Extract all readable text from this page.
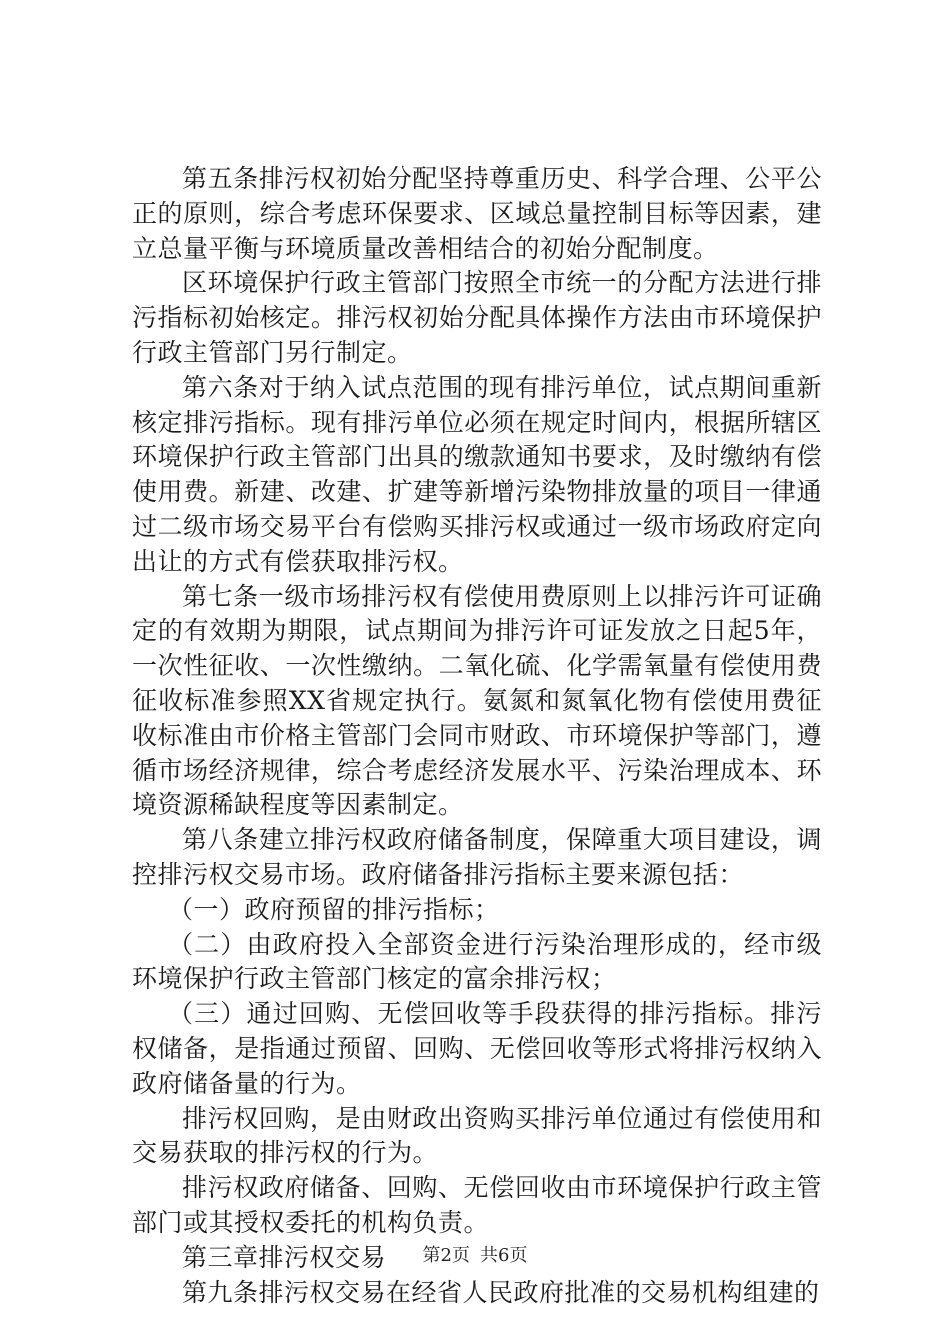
第五条排污权初始分配坚持尊重历史、科学合理、公平公正的原则，综合考虑环保要求、区域总量控制目标等因素，建立总量平衡与环境质量改善相结合的初始分配制度。

区环境保护行政主管部门按照全市统一的分配方法进行排污指标初始核定。排污权初始分配具体操作方法由市环境保护行政主管部门另行制定。

第六条对于纳入试点范围的现有排污单位，试点期间重新核定排污指标。现有排污单位必须在规定时间内，根据所辖区环境保护行政主管部门出具的缴款通知书要求，及时缴纳有偿使用费。新建、改建、扩建等新增污染物排放量的项目一律通过二级市场交易平台有偿购买排污权或通过一级市场政府定向出让的方式有偿获取排污权。

第七条一级市场排污权有偿使用费原则上以排污许可证确定的有效期为期限，试点期间为排污许可证发放之日起5年，一次性征收、一次性缴纳。二氧化硫、化学需氧量有偿使用费征收标准参照XX省规定执行。氨氮和氮氧化物有偿使用费征收标准由市价格主管部门会同市财政、市环境保护等部门，遵循市场经济规律，综合考虑经济发展水平、污染治理成本、环境资源稀缺程度等因素制定。

第八条建立排污权政府储备制度，保障重大项目建设，调控排污权交易市场。政府储备排污指标主要来源包括：

（一）政府预留的排污指标；

（二）由政府投入全部资金进行污染治理形成的，经市级环境保护行政主管部门核定的富余排污权；

（三）通过回购、无偿回收等手段获得的排污指标。排污权储备，是指通过预留、回购、无偿回收等形式将排污权纳入政府储备量的行为。

排污权回购，是由财政出资购买排污单位通过有偿使用和交易获取的排污权的行为。

排污权政府储备、回购、无偿回收由市环境保护行政主管部门或其授权委托的机构负责。

第三章排污权交易

第九条排污权交易在经省人民政府批准的交易机构组建的

第2页 共6页
